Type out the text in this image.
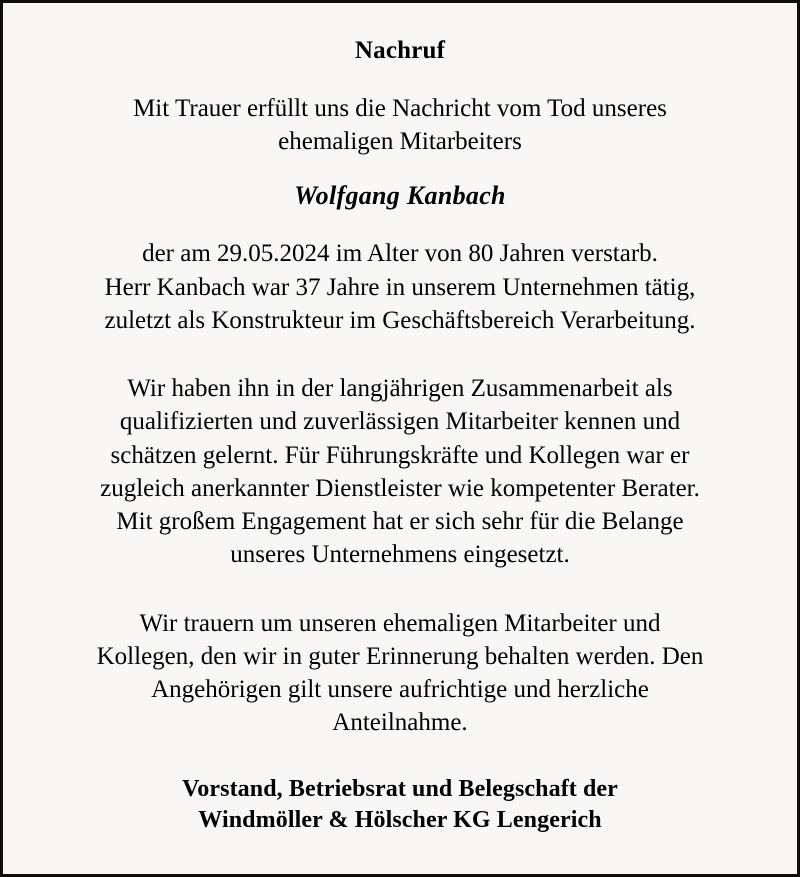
Nachruf

Mit Trauer erfüllt uns die Nachricht vom Tod unseres
ehemaligen Mitarbeiters

Wolfgang Kanbach

der am 29.05.2024 im Alter von 80 Jahren verstarb.
Herr Kanbach war 37 Jahre in unserem Unternehmen tätig,
zuletzt als Konstrukteur im Geschäftsbereich Verarbeitung.

Wir haben ihn in der langjährigen Zusammenarbeit als
qualifizierten und zuverlässigen Mitarbeiter kennen und
schätzen gelernt. Für Führungskräfte und Kollegen war er
zugleich anerkannter Dienstleister wie kompetenter Berater.
Mit großem Engagement hat er sich sehr für die Belange
unseres Unternehmens eingesetzt.

Wir trauern um unseren ehemaligen Mitarbeiter und
Kollegen, den wir in guter Erinnerung behalten werden. Den
Angehörigen gilt unsere aufrichtige und herzliche
Anteilnahme.

Vorstand, Betriebsrat und Belegschaft der
Windmöller & Hölscher KG Lengerich
